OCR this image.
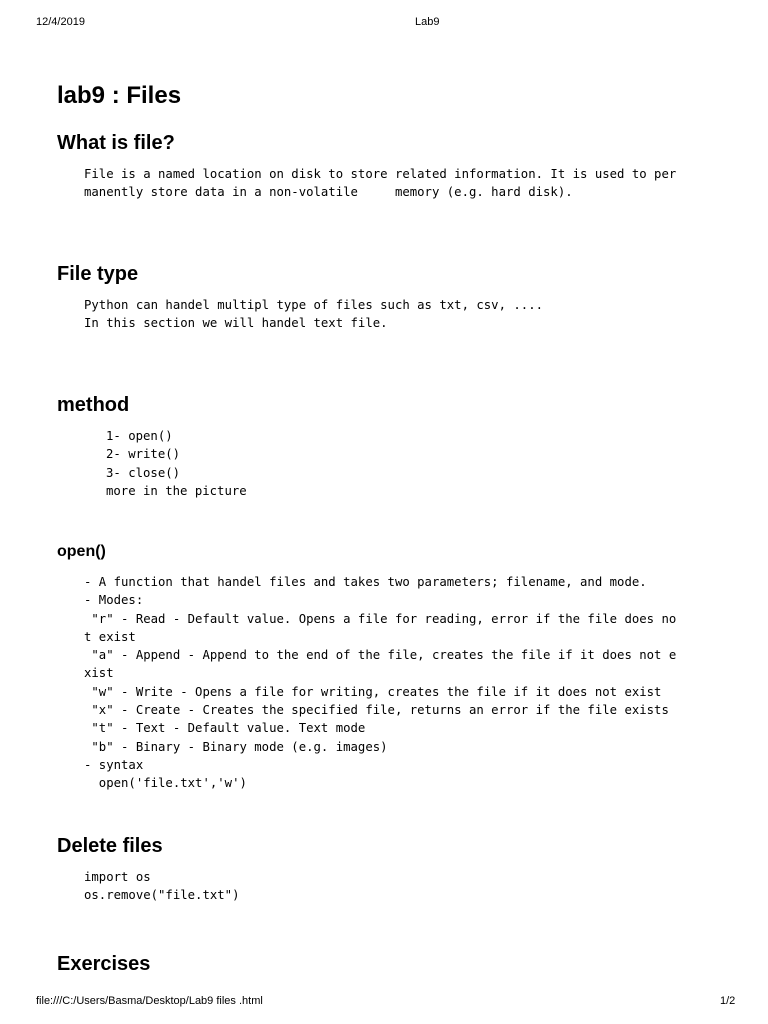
12/4/2019	Lab9
lab9 : Files
What is file?
File is a named location on disk to store related information. It is used to per
manently store data in a non-volatile     memory (e.g. hard disk).
File type
Python can handel multipl type of files such as txt, csv, ....
In this section we will handel text file.
method
1- open()
2- write()
3- close()
more in the picture
open()
- A function that handel files and takes two parameters; filename, and mode.
- Modes:
"r" - Read - Default value. Opens a file for reading, error if the file does no
t exist
"a" - Append - Append to the end of the file, creates the file if it does not e
xist
"w" - Write - Opens a file for writing, creates the file if it does not exist
"x" - Create - Creates the specified file, returns an error if the file exists
"t" - Text - Default value. Text mode
"b" - Binary - Binary mode (e.g. images)
- syntax
open('file.txt','w')
Delete files
import os
os.remove("file.txt")
Exercises
file:///C:/Users/Basma/Desktop/Lab9 files .html	1/2
